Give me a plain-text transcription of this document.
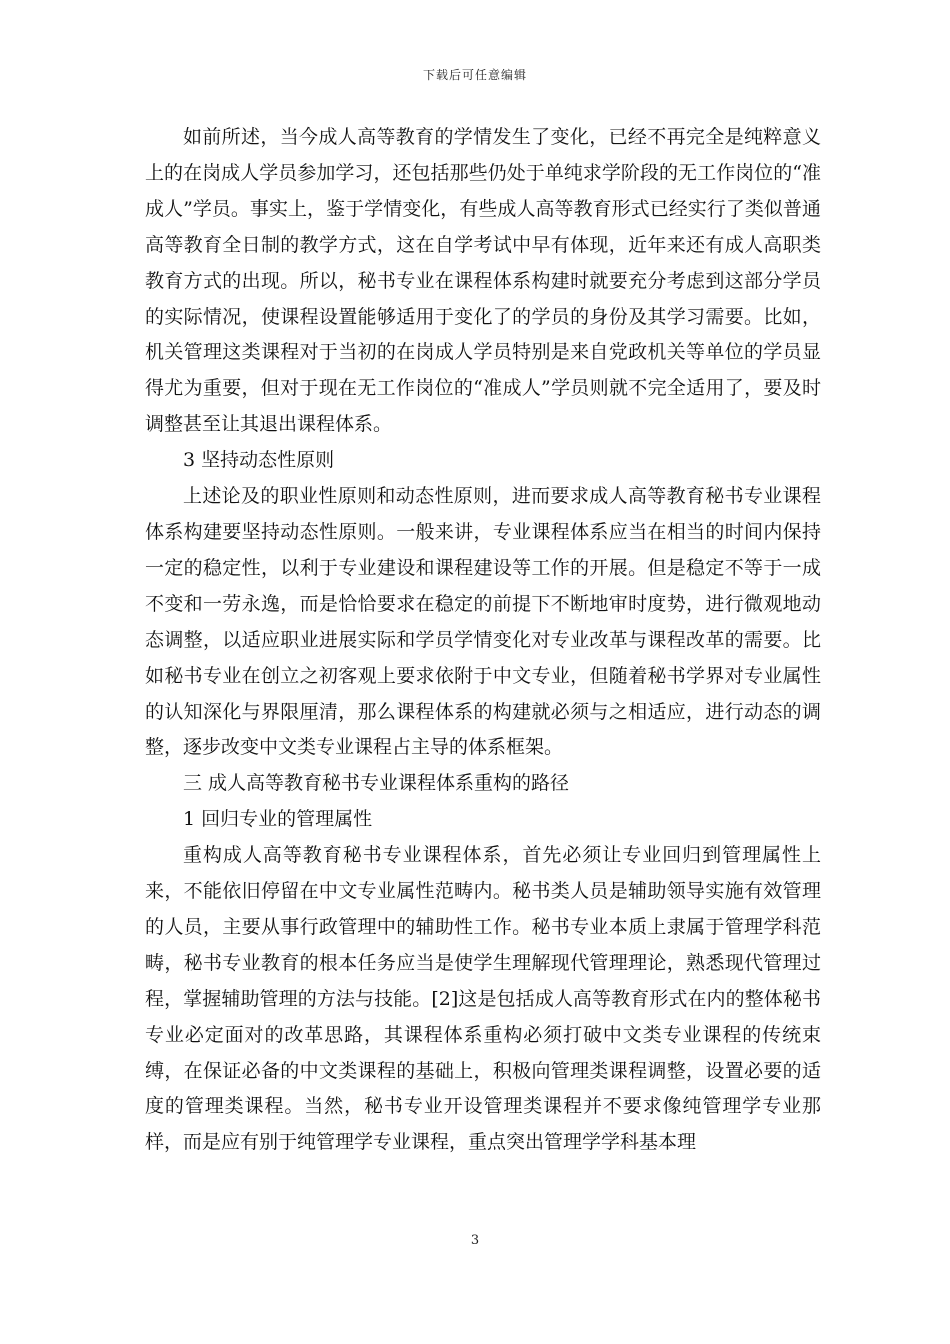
下载后可任意编辑

如前所述，当今成人高等教育的学情发生了变化，已经不再完全是纯粹意义上的在岗成人学员参加学习，还包括那些仍处于单纯求学阶段的无工作岗位的“准成人”学员。事实上，鉴于学情变化，有些成人高等教育形式已经实行了类似普通高等教育全日制的教学方式，这在自学考试中早有体现，近年来还有成人高职类教育方式的出现。所以，秘书专业在课程体系构建时就要充分考虑到这部分学员的实际情况，使课程设置能够适用于变化了的学员的身份及其学习需要。比如，机关管理这类课程对于当初的在岗成人学员特别是来自党政机关等单位的学员显得尤为重要，但对于现在无工作岗位的“准成人”学员则就不完全适用了，要及时调整甚至让其退出课程体系。

3 坚持动态性原则

上述论及的职业性原则和动态性原则，进而要求成人高等教育秘书专业课程体系构建要坚持动态性原则。一般来讲，专业课程体系应当在相当的时间内保持一定的稳定性，以利于专业建设和课程建设等工作的开展。但是稳定不等于一成不变和一劳永逸，而是恰恰要求在稳定的前提下不断地审时度势，进行微观地动态调整，以适应职业进展实际和学员学情变化对专业改革与课程改革的需要。比如秘书专业在创立之初客观上要求依附于中文专业，但随着秘书学界对专业属性的认知深化与界限厘清，那么课程体系的构建就必须与之相适应，进行动态的调整，逐步改变中文类专业课程占主导的体系框架。

三 成人高等教育秘书专业课程体系重构的路径

1 回归专业的管理属性

重构成人高等教育秘书专业课程体系，首先必须让专业回归到管理属性上来，不能依旧停留在中文专业属性范畴内。秘书类人员是辅助领导实施有效管理的人员，主要从事行政管理中的辅助性工作。秘书专业本质上隶属于管理学科范畴，秘书专业教育的根本任务应当是使学生理解现代管理理论，熟悉现代管理过程，掌握辅助管理的方法与技能。[2]这是包括成人高等教育形式在内的整体秘书专业必定面对的改革思路，其课程体系重构必须打破中文类专业课程的传统束缚，在保证必备的中文类课程的基础上，积极向管理类课程调整，设置必要的适度的管理类课程。当然，秘书专业开设管理类课程并不要求像纯管理学专业那样，而是应有别于纯管理学专业课程，重点突出管理学学科基本理

3
